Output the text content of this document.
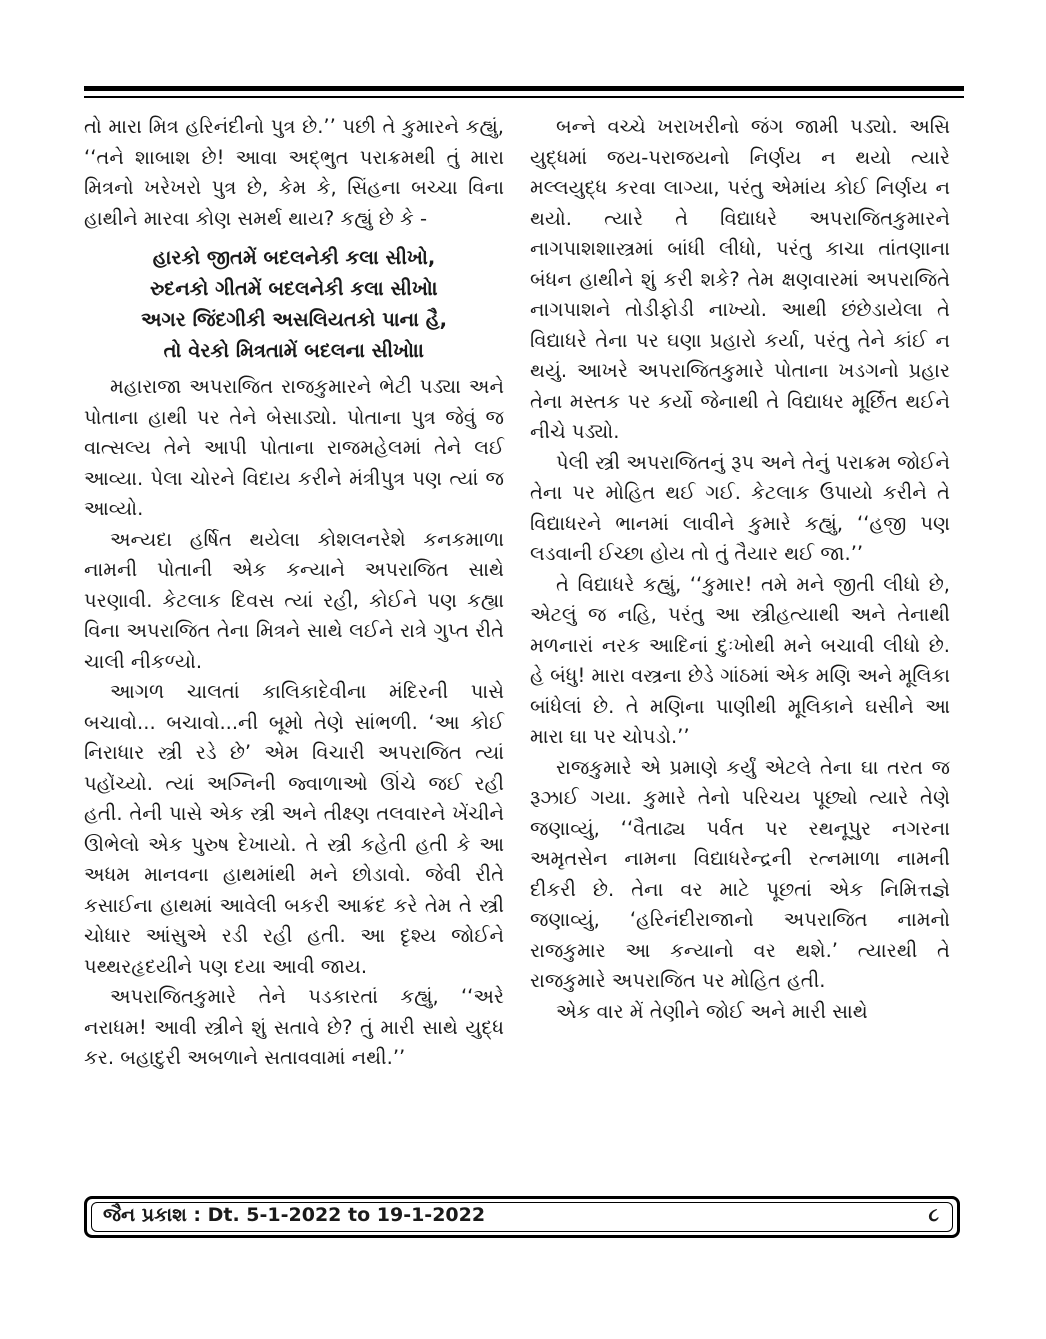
તો મારા મિત્ર હરિનંદીનો પુત્ર છે.’’ પછી તે કુમારને કહ્યું, ‘‘તને શાબાશ છે! આવા અદ્‌ભુત પરાક્રમથી તું મારા મિત્રનો ખરેખરો પુત્ર છે, કેમ કે, સિંહના બચ્ચા વિના હાથીને મારવા કોણ સમર્થ થાય? કહ્યું છે કે -

હારકો જીતમેં બદલનેકી કલા સીખો,
રુદનકો ગીતમેં બદલનેકી કલા સીખો।
અગર જિંદગીકી અસલિયતકો પાના હૈ,
તો વેરકો મિત્રતામેં બદલના સીખો।।

મહારાજા અપરાજિત રાજકુમારને ભેટી પડ્યા અને પોતાના હાથી પર તેને બેસાડ્યો. પોતાના પુત્ર જેવું જ વાત્સલ્ય તેને આપી પોતાના રાજમહેલમાં તેને લઈ આવ્યા. પેલા ચોરને વિદાય કરીને મંત્રીપુત્ર પણ ત્યાં જ આવ્યો.

અન્યદા હર્ષિત થયેલા કોશલનરેશે કનકમાળા નામની પોતાની એક કન્યાને અપરાજિત સાથે પરણાવી. કેટલાક દિવસ ત્યાં રહી, કોઈને પણ કહ્યા વિના અપરાજિત તેના મિત્રને સાથે લઈને રાત્રે ગુપ્ત રીતે ચાલી નીકળ્યો.

આગળ ચાલતાં કાલિકાદેવીના મંદિરની પાસે બચાવો... બચાવો...ની બૂમો તેણે સાંભળી. ‘આ કોઈ નિરાધાર સ્ત્રી રડે છે’ એમ વિચારી અપરાજિત ત્યાં પહોંચ્યો. ત્યાં અગ્નિની જ્વાળાઓ ઊંચે જઈ રહી હતી. તેની પાસે એક સ્ત્રી અને તીક્ષ્ણ તલવારને ખેંચીને ઊભેલો એક પુરુષ દેખાયો. તે સ્ત્રી કહેતી હતી કે આ અધમ માનવના હાથમાંથી મને છોડાવો. જેવી રીતે કસાઈના હાથમાં આવેલી બકરી આક્રંદ કરે તેમ તે સ્ત્રી ચોધાર આંસુએ રડી રહી હતી. આ દૃશ્ય જોઈને પથ્થરહૃદયીને પણ દયા આવી જાય.

અપરાજિતકુમારે તેને પડકારતાં કહ્યું, ‘‘અરે નરાધમ! આવી સ્ત્રીને શું સતાવે છે? તું મારી સાથે યુદ્ધ કર. બહાદુરી અબળાને સતાવવામાં નથી.’’

બન્ને વચ્ચે ખરાખરીનો જંગ જામી પડ્યો. અસિ યુદ્ધમાં જય-પરાજયનો નિર્ણય ન થયો ત્યારે મલ્લયુદ્ધ કરવા લાગ્યા, પરંતુ એમાંય કોઈ નિર્ણય ન થયો. ત્યારે તે વિદ્યાધરે અપરાજિતકુમારને નાગપાશશાસ્ત્રમાં બાંધી લીધો, પરંતુ કાચા તાંતણાના બંધન હાથીને શું કરી શકે? તેમ ક્ષણવારમાં અપરાજિતે નાગપાશને તોડીફોડી નાખ્યો. આથી છંછેડાયેલા તે વિદ્યાધરે તેના પર ઘણા પ્રહારો કર્યા, પરંતુ તેને કાંઈ ન થયું. આખરે અપરાજિતકુમારે પોતાના ખડગનો પ્રહાર તેના મસ્તક પર કર્યો જેનાથી તે વિદ્યાધર મૂર્છિત થઈને નીચે પડ્યો.

પેલી સ્ત્રી અપરાજિતનું રૂપ અને તેનું પરાક્રમ જોઈને તેના પર મોહિત થઈ ગઈ. કેટલાક ઉપાયો કરીને તે વિદ્યાધરને ભાનમાં લાવીને કુમારે કહ્યું, ‘‘હજી પણ લડવાની ઈચ્છા હોય તો તું તૈયાર થઈ જા.’’

તે વિદ્યાધરે કહ્યું, ‘‘કુમાર! તમે મને જીતી લીધો છે, એટલું જ નહિ, પરંતુ આ સ્ત્રીહત્યાથી અને તેનાથી મળનારાં નરક આદિનાં દુઃખોથી મને બચાવી લીધો છે. હે બંધુ! મારા વસ્ત્રના છેડે ગાંઠમાં એક મણિ અને મૂલિકા બાંધેલાં છે. તે મણિના પાણીથી મૂલિકાને ઘસીને આ મારા ઘા પર ચોપડો.’’

રાજકુમારે એ પ્રમાણે કર્યું એટલે તેના ઘા તરત જ રૂઝાઈ ગયા. કુમારે તેનો પરિચય પૂછ્યો ત્યારે તેણે જણાવ્યું, ‘‘વૈતાઢ્ય પર્વત પર રથનૂપુર નગરના અમૃતસેન નામના વિદ્યાધરેન્દ્રની રત્નમાળા નામની દીકરી છે. તેના વર માટે પૂછતાં એક નિમિત્તજ્ઞે જણાવ્યું, ‘હરિનંદીરાજાનો અપરાજિત નામનો રાજકુમાર આ કન્યાનો વર થશે.’ ત્યારથી તે રાજકુમારે અપરાજિત પર મોહિત હતી.

એક વાર મેં તેણીને જોઈ અને મારી સાથે

જૈન પ્રકાશ : Dt. 5-1-2022 to 19-1-2022	૮
